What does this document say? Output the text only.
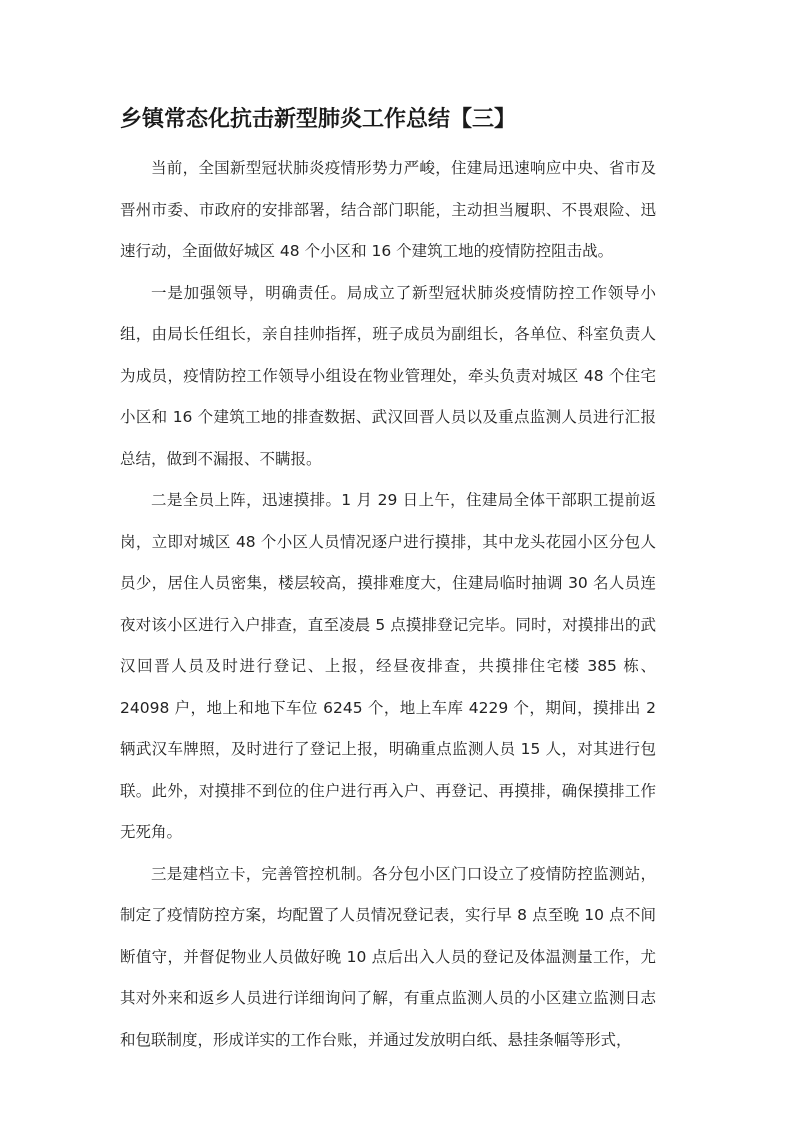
乡镇常态化抗击新型肺炎工作总结【三】

当前，全国新型冠状肺炎疫情形势力严峻，住建局迅速响应中央、省市及晋州市委、市政府的安排部署，结合部门职能，主动担当履职、不畏艰险、迅速行动，全面做好城区 48 个小区和 16 个建筑工地的疫情防控阻击战。

一是加强领导，明确责任。局成立了新型冠状肺炎疫情防控工作领导小组，由局长任组长，亲自挂帅指挥，班子成员为副组长，各单位、科室负责人为成员，疫情防控工作领导小组设在物业管理处，牵头负责对城区 48 个住宅小区和 16 个建筑工地的排查数据、武汉回晋人员以及重点监测人员进行汇报总结，做到不漏报、不瞒报。

二是全员上阵，迅速摸排。1 月 29 日上午，住建局全体干部职工提前返岗，立即对城区 48 个小区人员情况逐户进行摸排，其中龙头花园小区分包人员少，居住人员密集，楼层较高，摸排难度大，住建局临时抽调 30 名人员连夜对该小区进行入户排查，直至凌晨 5 点摸排登记完毕。同时，对摸排出的武汉回晋人员及时进行登记、上报，经昼夜排查，共摸排住宅楼 385 栋、24098 户，地上和地下车位 6245 个，地上车库 4229 个，期间，摸排出 2 辆武汉车牌照，及时进行了登记上报，明确重点监测人员 15 人，对其进行包联。此外，对摸排不到位的住户进行再入户、再登记、再摸排，确保摸排工作无死角。

三是建档立卡，完善管控机制。各分包小区门口设立了疫情防控监测站，制定了疫情防控方案，均配置了人员情况登记表，实行早 8 点至晚 10 点不间断值守，并督促物业人员做好晚 10 点后出入人员的登记及体温测量工作，尤其对外来和返乡人员进行详细询问了解，有重点监测人员的小区建立监测日志和包联制度，形成详实的工作台账，并通过发放明白纸、悬挂条幅等形式，
